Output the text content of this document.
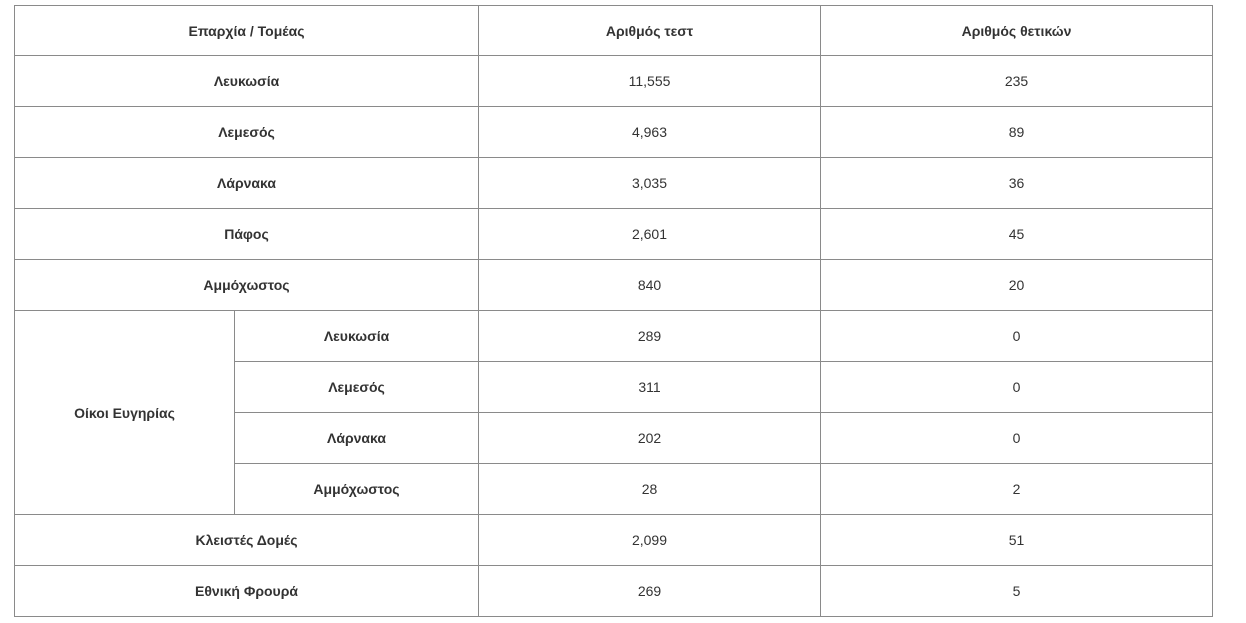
Επαρχία / Τομέας		Αριθμός τεστ	Αριθμός θετικών
Λευκωσία		11,555	235
Λεμεσός		4,963	89
Λάρνακα		3,035	36
Πάφος		2,601	45
Αμμόχωστος		840	20
Οίκοι Ευγηρίας	Λευκωσία	289	0
	Λεμεσός	311	0
	Λάρνακα	202	0
	Αμμόχωστος	28	2
Κλειστές Δομές		2,099	51
Εθνική Φρουρά		269	5
